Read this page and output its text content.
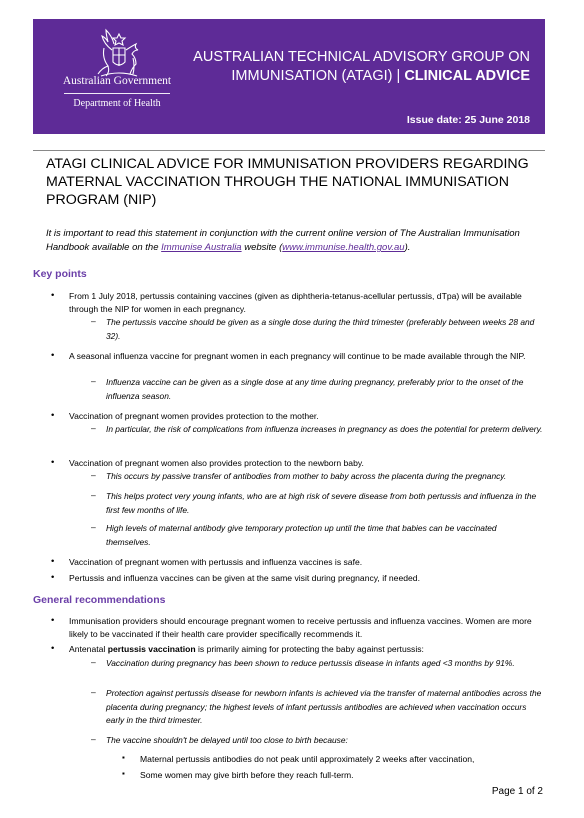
Australian Government
Department of Health
AUSTRALIAN TECHNICAL ADVISORY GROUP ON
IMMUNISATION (ATAGI) | CLINICAL ADVICE
Issue date: 25 June 2018
ATAGI CLINICAL ADVICE FOR IMMUNISATION PROVIDERS REGARDING MATERNAL VACCINATION THROUGH THE NATIONAL IMMUNISATION PROGRAM (NIP)
It is important to read this statement in conjunction with the current online version of The Australian Immunisation Handbook available on the Immunise Australia website (www.immunise.health.gov.au).
Key points
• From 1 July 2018, pertussis containing vaccines (given as diphtheria-tetanus-acellular pertussis, dTpa) will be available through the NIP for women in each pregnancy.
– The pertussis vaccine should be given as a single dose during the third trimester (preferably between weeks 28 and 32).
• A seasonal influenza vaccine for pregnant women in each pregnancy will continue to be made available through the NIP.
– Influenza vaccine can be given as a single dose at any time during pregnancy, preferably prior to the onset of the influenza season.
• Vaccination of pregnant women provides protection to the mother.
– In particular, the risk of complications from influenza increases in pregnancy as does the potential for preterm delivery.
• Vaccination of pregnant women also provides protection to the newborn baby.
– This occurs by passive transfer of antibodies from mother to baby across the placenta during the pregnancy.
– This helps protect very young infants, who are at high risk of severe disease from both pertussis and influenza in the first few months of life.
– High levels of maternal antibody give temporary protection up until the time that babies can be vaccinated themselves.
• Vaccination of pregnant women with pertussis and influenza vaccines is safe.
• Pertussis and influenza vaccines can be given at the same visit during pregnancy, if needed.
General recommendations
• Immunisation providers should encourage pregnant women to receive pertussis and influenza vaccines. Women are more likely to be vaccinated if their health care provider specifically recommends it.
• Antenatal pertussis vaccination is primarily aiming for protecting the baby against pertussis:
– Vaccination during pregnancy has been shown to reduce pertussis disease in infants aged <3 months by 91%.
– Protection against pertussis disease for newborn infants is achieved via the transfer of maternal antibodies across the placenta during pregnancy; the highest levels of infant pertussis antibodies are achieved when vaccination occurs early in the third trimester.
– The vaccine shouldn't be delayed until too close to birth because:
▪ Maternal pertussis antibodies do not peak until approximately 2 weeks after vaccination,
▪ Some women may give birth before they reach full-term.
Page 1 of 2
